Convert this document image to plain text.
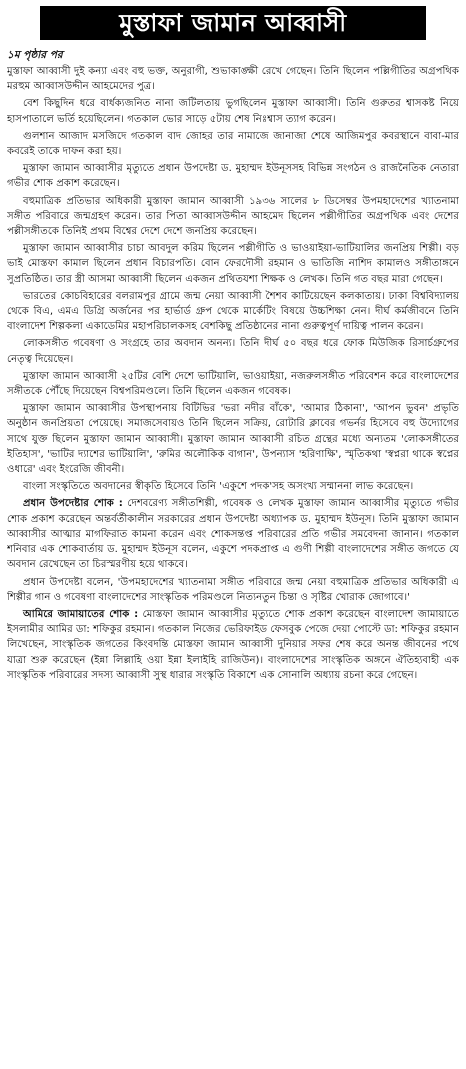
মুস্তাফা জামান আব্বাসী
১ম পৃষ্ঠার পর

মুস্তাফা আব্বাসী দুই কন্যা এবং বহু ভক্ত, অনুরাগী, শুভাকাঙ্ক্ষী রেখে গেছেন। তিনি ছিলেন পল্লিগীতির অগ্রপথিক মরহুম আব্বাসউদ্দীন আহমেদের পুত্র।

বেশ কিছুদিন ধরে বার্ধক্যজনিত নানা জটিলতায় ভুগছিলেন মুস্তাফা আব্বাসী। তিনি গুরুতর শ্বাসকষ্ট নিয়ে হাসপাতালে ভর্তি হয়েছিলেন। গতকাল ভোর সাড়ে ৫টায় শেষ নিঃশ্বাস ত্যাগ করেন।

গুলশান আজাদ মসজিদে গতকাল বাদ জোহর তার নামাজে জানাজা শেষে আজিমপুর কবরস্থানে বাবা-মার কবরেই তাকে দাফন করা হয়।

মুস্তাফা জামান আব্বাসীর মৃত্যুতে প্রধান উপদেষ্টা ড. মুহাম্মদ ইউনূসসহ বিভিন্ন সংগঠন ও রাজনৈতিক নেতারা গভীর শোক প্রকাশ করেছেন।

বহুমাত্রিক প্রতিভার অধিকারী মুস্তাফা জামান আব্বাসী ১৯৩৬ সালের ৮ ডিসেম্বর উপমহাদেশের খ্যাতনামা সঙ্গীত পরিবারে জন্মগ্রহণ করেন। তার পিতা আব্বাসউদ্দীন আহমেদ ছিলেন পল্লীগীতির অগ্রপথিক এবং দেশের পল্লীসঙ্গীতকে তিনিই প্রথম বিশ্বের দেশে দেশে জনপ্রিয় করেছেন।

মুস্তাফা জামান আব্বাসীর চাচা আবদুল করিম ছিলেন পল্লীগীতি ও ভাওয়াইয়া-ভাটিয়ালির জনপ্রিয় শিল্পী। বড় ভাই মোস্তফা কামাল ছিলেন প্রধান বিচারপতি। বোন ফেরদৌসী রহমান ও ভাতিজি নাশিদ কামালও সঙ্গীতাঙ্গনে সুপ্রতিষ্ঠিত। তার স্ত্রী আসমা আব্বাসী ছিলেন একজন প্রথিতযশা শিক্ষক ও লেখক। তিনি গত বছর মারা গেছেন।

ভারতের কোচবিহারের বলরামপুর গ্রামে জন্ম নেয়া আব্বাসী শৈশব কাটিয়েছেন কলকাতায়। ঢাকা বিশ্ববিদ্যালয় থেকে বিএ, এমএ ডিগ্রি অর্জনের পর হার্ভার্ড গ্রুপ থেকে মার্কেটিং বিষয়ে উচ্চশিক্ষা নেন। দীর্ঘ কর্মজীবনে তিনি বাংলাদেশ শিল্পকলা একাডেমির মহাপরিচালকসহ বেশকিছু প্রতিষ্ঠানের নানা গুরুত্বপূর্ণ দায়িত্ব পালন করেন।

লোকসঙ্গীত গবেষণা ও সংগ্রহে তার অবদান অনন্য। তিনি দীর্ঘ ৫০ বছর ধরে ফোক মিউজিক রিসার্চগ্রুপের নেতৃত্ব দিয়েছেন।

মুস্তাফা জামান আব্বাসী ২৫টির বেশি দেশে ভাটিয়ালি, ভাওয়াইয়া, নজরুলসঙ্গীত পরিবেশন করে বাংলাদেশের সঙ্গীতকে পৌঁছে দিয়েছেন বিশ্বপরিমণ্ডলে। তিনি ছিলেন একজন গবেষক।

মুস্তাফা জামান আব্বাসীর উপস্থাপনায় বিটিভির 'ভরা নদীর বাঁকে', 'আমার ঠিকানা', 'আপন ভুবন' প্রভৃতি অনুষ্ঠান জনপ্রিয়তা পেয়েছে। সমাজসেবায়ও তিনি ছিলেন সক্রিয়, রোটারি ক্লাবের গভর্নর হিসেবে বহু উদ্যোগের সাথে যুক্ত ছিলেন মুস্তাফা জামান আব্বাসী। মুস্তাফা জামান আব্বাসী রচিত গ্রন্থের মধ্যে অন্যতম 'লোকসঙ্গীতের ইতিহাস', 'ভাটির দ্যাশের ভাটিয়ালি', 'রুমির অলৌকিক বাগান', উপন্যাস 'হরিণাক্ষি', স্মৃতিকথা 'স্বপ্নরা থাকে স্বপ্নের ওধারে' এবং ইংরেজি জীবনী।

বাংলা সংস্কৃতিতে অবদানের স্বীকৃতি হিসেবে তিনি 'একুশে পদক'সহ অসংখ্য সম্মাননা লাভ করেছেন।

প্রধান উপদেষ্টার শোক : দেশবরেণ্য সঙ্গীতশিল্পী, গবেষক ও লেখক মুস্তাফা জামান আব্বাসীর মৃত্যুতে গভীর শোক প্রকাশ করেছেন অন্তর্বর্তীকালীন সরকারের প্রধান উপদেষ্টা অধ্যাপক ড. মুহাম্মদ ইউনূস। তিনি মুস্তাফা জামান আব্বাসীর আত্মার মাগফিরাত কামনা করেন এবং শোকসন্তপ্ত পরিবারের প্রতি গভীর সমবেদনা জানান। গতকাল শনিবার এক শোকবার্তায় ড. মুহাম্মদ ইউনূস বলেন, একুশে পদকপ্রাপ্ত এ গুণী শিল্পী বাংলাদেশের সঙ্গীত জগতে যে অবদান রেখেছেন তা চিরস্মরণীয় হয়ে থাকবে।

প্রধান উপদেষ্টা বলেন, 'উপমহাদেশের খ্যাতনামা সঙ্গীত পরিবারে জন্ম নেয়া বহুমাত্রিক প্রতিভার অধিকারী এ শিল্পীর গান ও গবেষণা বাংলাদেশের সাংস্কৃতিক পরিমণ্ডলে নিত্যনতুন চিন্তা ও সৃষ্টির খোরাক জোগাবে।'

আমিরে জামায়াতের শোক : মোস্তফা জামান আব্বাসীর মৃত্যুতে শোক প্রকাশ করেছেন বাংলাদেশ জামায়াতে ইসলামীর আমির ডা: শফিকুর রহমান। গতকাল নিজের ভেরিফাইড ফেসবুক পেজে দেয়া পোস্টে ডা: শফিকুর রহমান লিখেছেন, সাংস্কৃতিক জগতের কিংবদন্তি মোস্তফা জামান আব্বাসী দুনিয়ার সফর শেষ করে অনন্ত জীবনের পথে যাত্রা শুরু করেছেন (ইন্না লিল্লাহি ওয়া ইন্না ইলাইহি রাজিউন)। বাংলাদেশের সাংস্কৃতিক অঙ্গনে ঐতিহ্যবাহী এক সাংস্কৃতিক পরিবারের সদস্য আব্বাসী সুস্থ ধারার সংস্কৃতি বিকাশে এক সোনালি অধ্যায় রচনা করে গেছেন।
